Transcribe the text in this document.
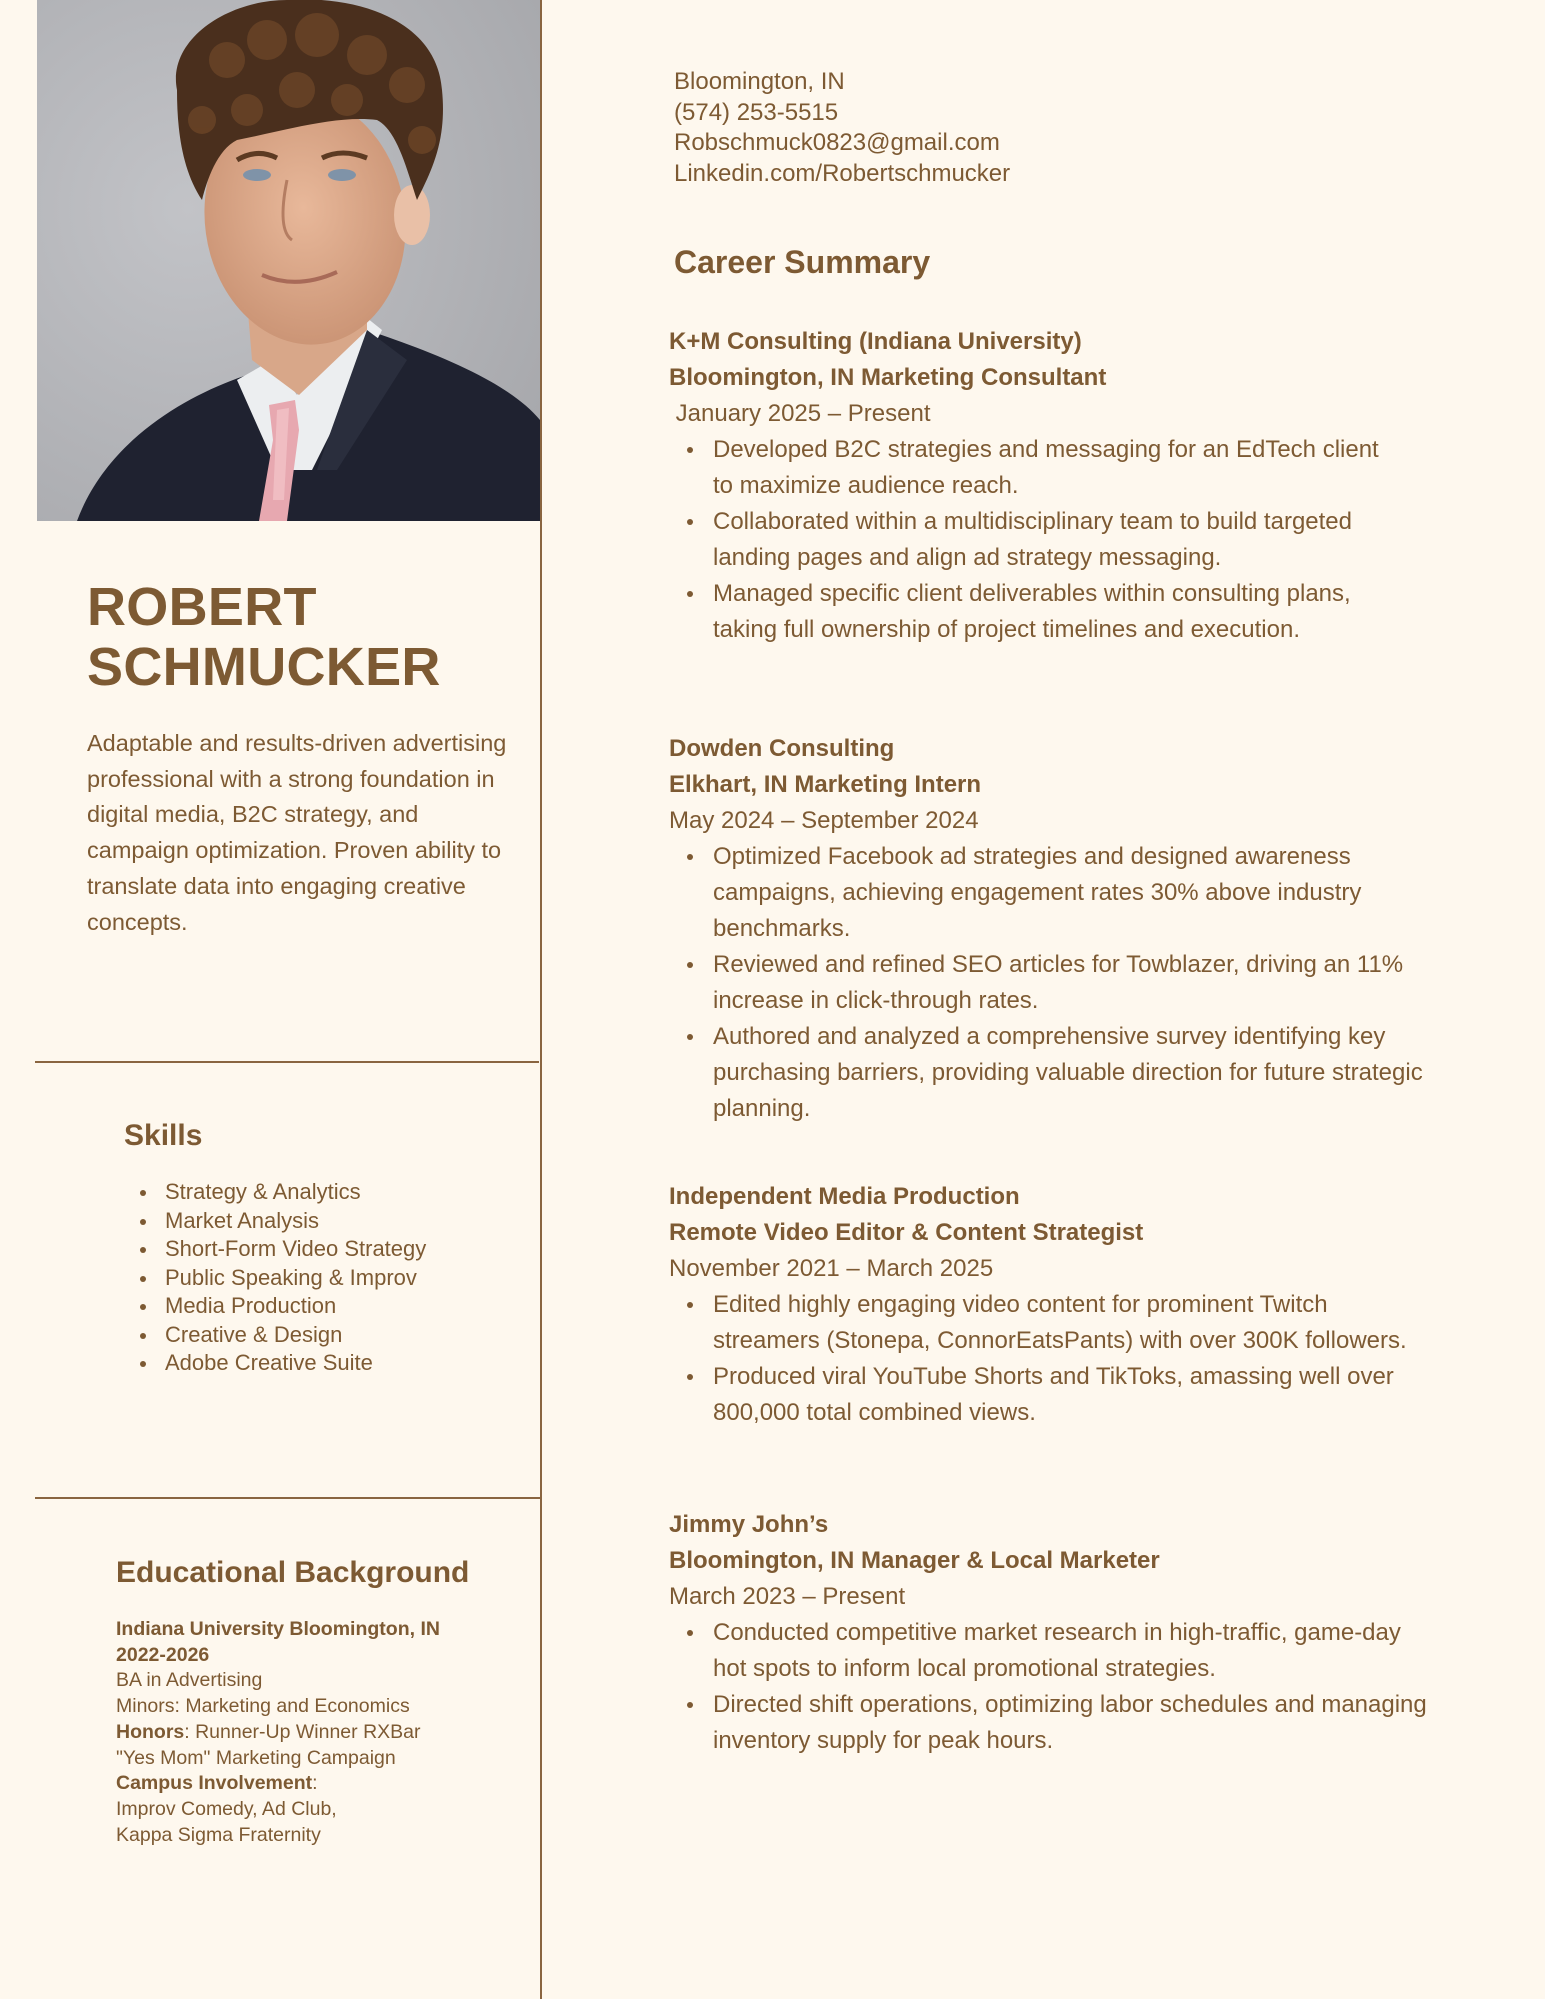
ROBERT
SCHMUCKER
Adaptable and results-driven advertising professional with a strong foundation in digital media, B2C strategy, and campaign optimization. Proven ability to translate data into engaging creative concepts.
Skills
Strategy & Analytics
Market Analysis
Short-Form Video Strategy
Public Speaking & Improv
Media Production
Creative & Design
Adobe Creative Suite
Educational Background
Indiana University Bloomington, IN
2022-2026
BA in Advertising
Minors: Marketing and Economics
Honors: Runner-Up Winner RXBar
"Yes Mom" Marketing Campaign
Campus Involvement:
Improv Comedy, Ad Club,
Kappa Sigma Fraternity
Bloomington, IN
(574) 253-5515
Robschmuck0823@gmail.com
Linkedin.com/Robertschmucker
Career Summary
K+M Consulting (Indiana University)
Bloomington, IN Marketing Consultant
January 2025 – Present
Developed B2C strategies and messaging for an EdTech client to maximize audience reach.
Collaborated within a multidisciplinary team to build targeted landing pages and align ad strategy messaging.
Managed specific client deliverables within consulting plans, taking full ownership of project timelines and execution.
Dowden Consulting
Elkhart, IN Marketing Intern
May 2024 – September 2024
Optimized Facebook ad strategies and designed awareness campaigns, achieving engagement rates 30% above industry benchmarks.
Reviewed and refined SEO articles for Towblazer, driving an 11% increase in click-through rates.
Authored and analyzed a comprehensive survey identifying key purchasing barriers, providing valuable direction for future strategic planning.
Independent Media Production
Remote Video Editor & Content Strategist
November 2021 – March 2025
Edited highly engaging video content for prominent Twitch streamers (Stonepa, ConnorEatsPants) with over 300K followers.
Produced viral YouTube Shorts and TikToks, amassing well over 800,000 total combined views.
Jimmy John’s
Bloomington, IN Manager & Local Marketer
March 2023 – Present
Conducted competitive market research in high-traffic, game-day hot spots to inform local promotional strategies.
Directed shift operations, optimizing labor schedules and managing inventory supply for peak hours.
